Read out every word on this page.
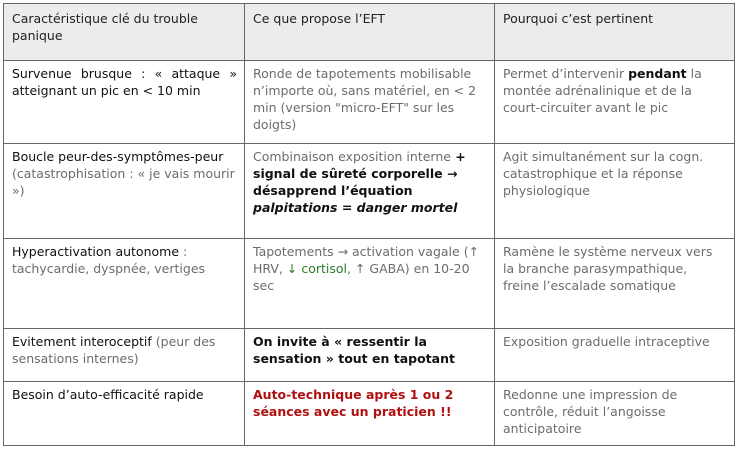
Caractéristique clé du trouble panique	Ce que propose l’EFT	Pourquoi c’est pertinent
Survenue brusque : « attaque » atteignant un pic en < 10 min	Ronde de tapotements mobilisable n’importe où, sans matériel, en < 2 min (version "micro-EFT" sur les doigts)	Permet d’intervenir pendant la montée adrénalinique et de la court-circuiter avant le pic
Boucle peur-des-symptômes-peur (catastrophisation : « je vais mourir »)	Combinaison exposition interne + signal de sûreté corporelle → désapprend l’équation palpitations = danger mortel	Agit simultanément sur la cogn. catastrophique et la réponse physiologique
Hyperactivation autonome : tachycardie, dyspnée, vertiges	Tapotements → activation vagale (↑ HRV, ↓ cortisol, ↑ GABA) en 10-20 sec	Ramène le système nerveux vers la branche parasympathique, freine l’escalade somatique
Evitement interoceptif (peur des sensations internes)	On invite à « ressentir la sensation » tout en tapotant	Exposition graduelle intraceptive
Besoin d’auto-efficacité rapide	Auto-technique après 1 ou 2 séances avec un praticien !!	Redonne une impression de contrôle, réduit l’angoisse anticipatoire
